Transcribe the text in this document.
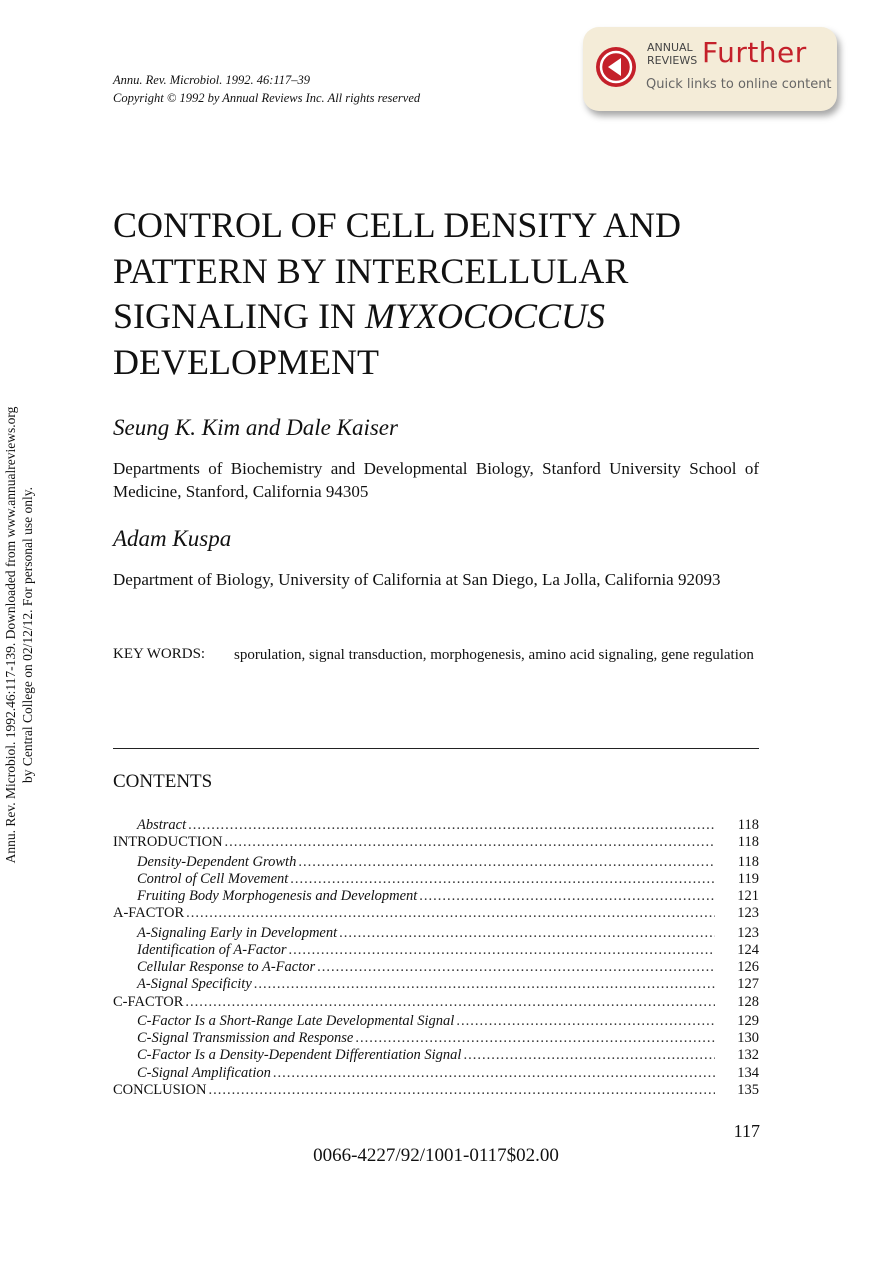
Annu. Rev. Microbiol. 1992. 46:117–39
Copyright © 1992 by Annual Reviews Inc. All rights reserved
ANNUAL
REVIEWS Further
Quick links to online content
Annu. Rev. Microbiol. 1992.46:117-139. Downloaded from www.annualreviews.org by Central College on 02/12/12. For personal use only.
CONTROL OF CELL DENSITY AND PATTERN BY INTERCELLULAR SIGNALING IN MYXOCOCCUS DEVELOPMENT

Seung K. Kim and Dale Kaiser

Departments of Biochemistry and Developmental Biology, Stanford University School of Medicine, Stanford, California 94305

Adam Kuspa

Department of Biology, University of California at San Diego, La Jolla, California 92093

KEY WORDS: sporulation, signal transduction, morphogenesis, amino acid signaling, gene regulation
CONTENTS
Abstract .....	118
INTRODUCTION .....	118
Density-Dependent Growth .....	118
Control of Cell Movement .....	119
Fruiting Body Morphogenesis and Development .....	121
A-FACTOR .....	123
A-Signaling Early in Development .....	123
Identification of A-Factor .....	124
Cellular Response to A-Factor .....	126
A-Signal Specificity .....	127
C-FACTOR .....	128
C-Factor Is a Short-Range Late Developmental Signal .....	129
C-Signal Transmission and Response .....	130
C-Factor Is a Density-Dependent Differentiation Signal .....	132
C-Signal Amplification .....	134
CONCLUSION .....	135
117
0066-4227/92/1001-0117$02.00
